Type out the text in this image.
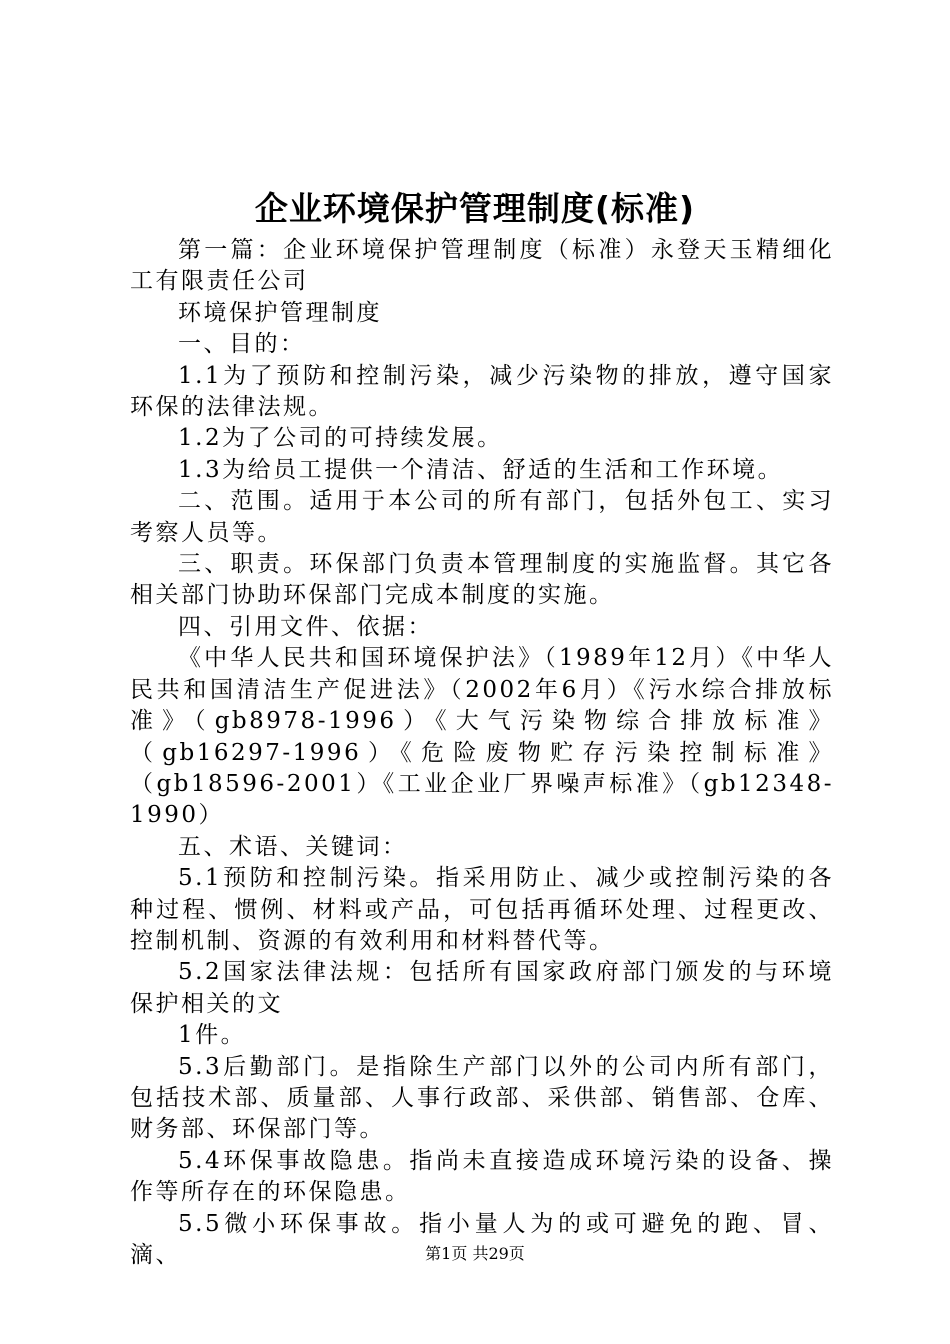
企业环境保护管理制度(标准)

第一篇：企业环境保护管理制度（标准）永登天玉精细化工有限责任公司

环境保护管理制度

一、目的：

1.1为了预防和控制污染，减少污染物的排放，遵守国家环保的法律法规。

1.2为了公司的可持续发展。

1.3为给员工提供一个清洁、舒适的生活和工作环境。

二、范围。适用于本公司的所有部门，包括外包工、实习考察人员等。

三、职责。环保部门负责本管理制度的实施监督。其它各相关部门协助环保部门完成本制度的实施。

四、引用文件、依据：

《中华人民共和国环境保护法》（1989年12月）《中华人民共和国清洁生产促进法》（2002年6月）《污水综合排放标准》（gb8978-1996）《大气污染物综合排放标准》（gb16297-1996）《危险废物贮存污染控制标准》（gb18596-2001）《工业企业厂界噪声标准》（gb12348-1990）

五、术语、关键词：

5.1预防和控制污染。指采用防止、减少或控制污染的各种过程、惯例、材料或产品，可包括再循环处理、过程更改、控制机制、资源的有效利用和材料替代等。

5.2国家法律法规：包括所有国家政府部门颁发的与环境保护相关的文

1件。

5.3后勤部门。是指除生产部门以外的公司内所有部门，包括技术部、质量部、人事行政部、采供部、销售部、仓库、财务部、环保部门等。

5.4环保事故隐患。指尚未直接造成环境污染的设备、操作等所存在的环保隐患。

5.5微小环保事故。指小量人为的或可避免的跑、冒、滴、	第1页 共29页
